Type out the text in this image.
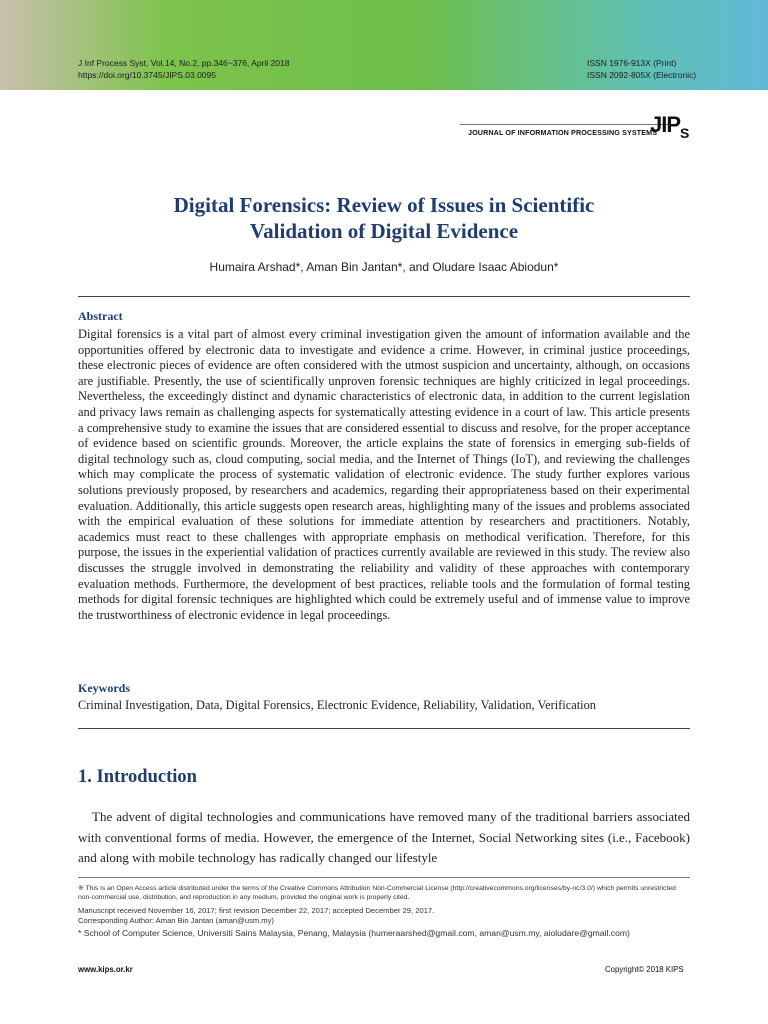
J Inf Process Syst, Vol.14, No.2, pp.346~376, April 2018
https://doi.org/10.3745/JIPS.03.0095
ISSN 1976-913X (Print)
ISSN 2092-805X (Electronic)
JOURNAL OF INFORMATION PROCESSING SYSTEMS
$JIP_S$
Digital Forensics: Review of Issues in Scientific
Validation of Digital Evidence
Humaira Arshad*, Aman Bin Jantan*, and Oludare Isaac Abiodun*
Abstract
Digital forensics is a vital part of almost every criminal investigation given the amount of information available and the opportunities offered by electronic data to investigate and evidence a crime. However, in criminal justice proceedings, these electronic pieces of evidence are often considered with the utmost suspicion and uncertainty, although, on occasions are justifiable. Presently, the use of scientifically unproven forensic techniques are highly criticized in legal proceedings. Nevertheless, the exceedingly distinct and dynamic characteristics of electronic data, in addition to the current legislation and privacy laws remain as challenging aspects for systematically attesting evidence in a court of law. This article presents a comprehensive study to examine the issues that are considered essential to discuss and resolve, for the proper acceptance of evidence based on scientific grounds. Moreover, the article explains the state of forensics in emerging sub-fields of digital technology such as, cloud computing, social media, and the Internet of Things (IoT), and reviewing the challenges which may complicate the process of systematic validation of electronic evidence. The study further explores various solutions previously proposed, by researchers and academics, regarding their appropriateness based on their experimental evaluation. Additionally, this article suggests open research areas, highlighting many of the issues and problems associated with the empirical evaluation of these solutions for immediate attention by researchers and practitioners. Notably, academics must react to these challenges with appropriate emphasis on methodical verification. Therefore, for this purpose, the issues in the experiential validation of practices currently available are reviewed in this study. The review also discusses the struggle involved in demonstrating the reliability and validity of these approaches with contemporary evaluation methods. Furthermore, the development of best practices, reliable tools and the formulation of formal testing methods for digital forensic techniques are highlighted which could be extremely useful and of immense value to improve the trustworthiness of electronic evidence in legal proceedings.
Keywords
Criminal Investigation, Data, Digital Forensics, Electronic Evidence, Reliability, Validation, Verification
1. Introduction
The advent of digital technologies and communications have removed many of the traditional barriers associated with conventional forms of media. However, the emergence of the Internet, Social Networking sites (i.e., Facebook) and along with mobile technology has radically changed our lifestyle
※ This is an Open Access article distributed under the terms of the Creative Commons Attribution Non-Commercial License (http://creativecommons.org/licenses/by-nc/3.0/) which permits unrestricted non-commercial use, distribution, and reproduction in any medium, provided the original work is properly cited.
Manuscript received November 16, 2017; first revision December 22, 2017; accepted December 29, 2017.
Corresponding Author: Aman Bin Jantan (aman@usm.my)
* School of Computer Science, Universiti Sains Malaysia, Penang, Malaysia (humeraarshed@gmail.com, aman@usm.my, aioludare@gmail.com)
www.kips.or.kr	Copyright© 2018 KIPS
